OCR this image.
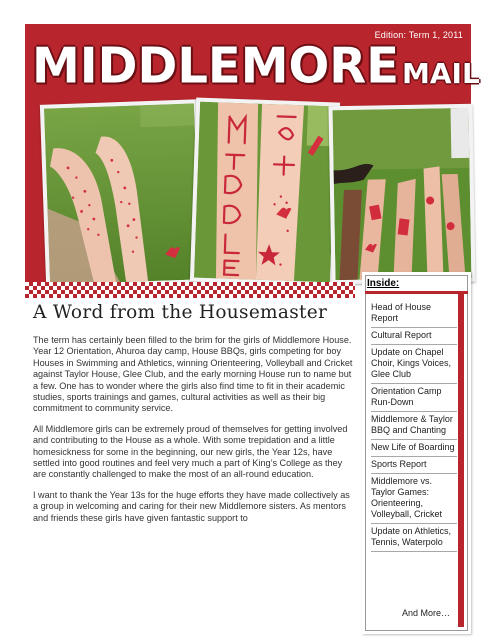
Edition: Term 1, 2011
MIDDLEMORE MAIL
A Word from the Housemaster

The term has certainly been filled to the brim for the girls of Middlemore House. Year 12 Orientation, Ahuroa day camp, House BBQs, girls competing for boy Houses in Swimming and Athletics, winning Orienteering, Volleyball and Cricket against Taylor House, Glee Club, and the early morning House run to name but a few. One has to wonder where the girls also find time to fit in their academic studies, sports trainings and games, cultural activities as well as their big commitment to community service.

All Middlemore girls can be extremely proud of themselves for getting involved and contributing to the House as a whole. With some trepidation and a little homesickness for some in the beginning, our new girls, the Year 12s, have settled into good routines and feel very much a part of King’s College as they are constantly challenged to make the most of an all-round education.

I want to thank the Year 13s for the huge efforts they have made collectively as a group in welcoming and caring for their new Middlemore sisters. As mentors and friends these girls have given fantastic support to

Inside:
Head of House Report
Cultural Report
Update on Chapel Choir, Kings Voices, Glee Club
Orientation Camp Run-Down
Middlemore & Taylor BBQ and Chanting
New Life of Boarding
Sports Report
Middlemore vs. Taylor Games: Orienteering, Volleyball, Cricket
Update on Athletics, Tennis, Waterpolo
And More…
